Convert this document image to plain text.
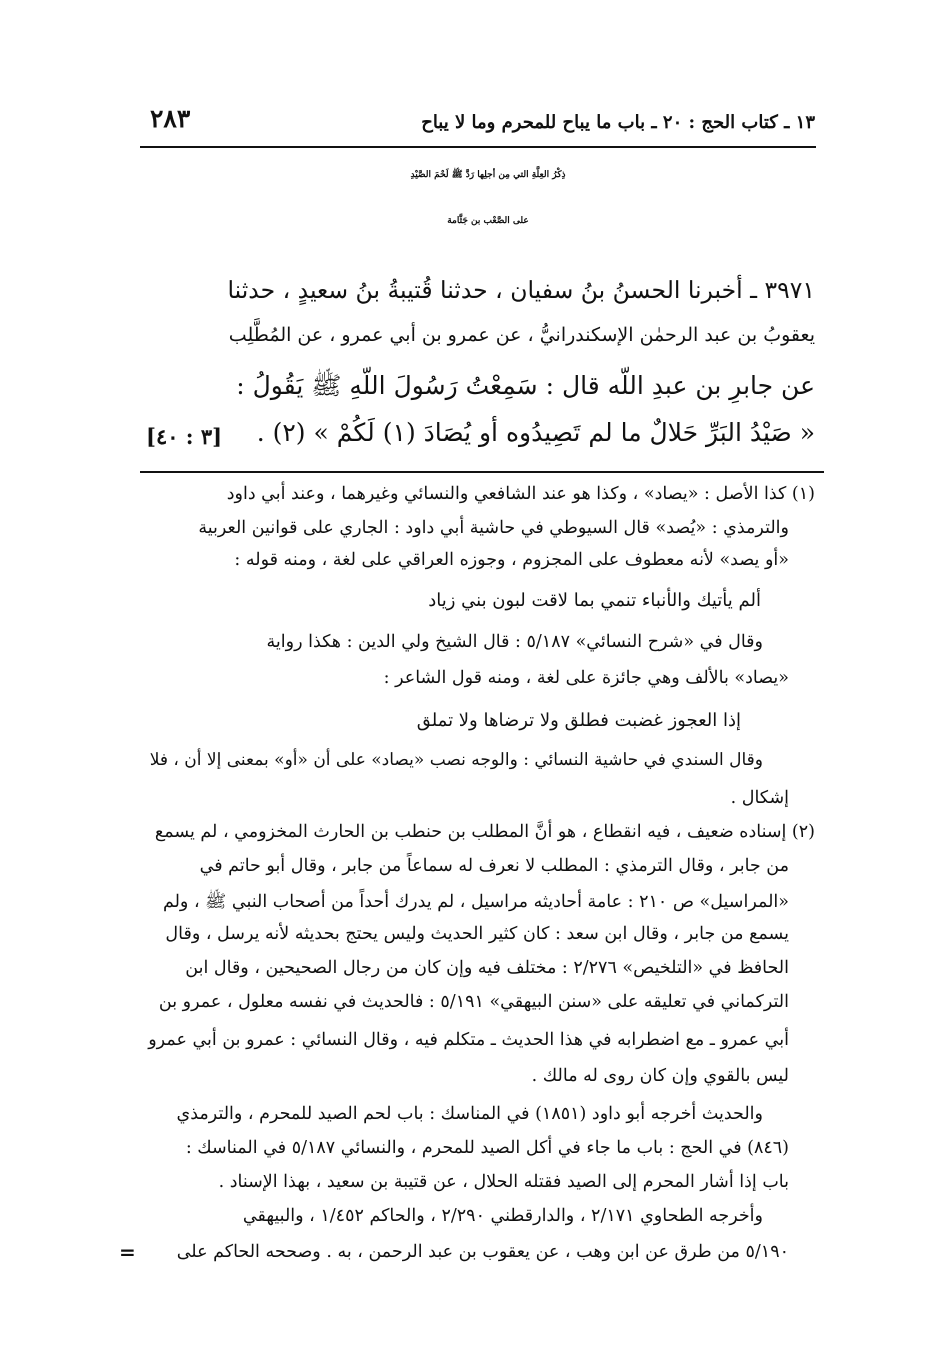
١٣ ـ كتاب الحج : ٢٠ ـ باب ما يباح للمحرم وما لا يباح
٢٨٣
ذِكْرُ العِلَّةِ التي مِن أجلِها رَدَّ ﷺ لَحْمَ الصَّيْدِ
على الصَّعْب بن جَثَّامة
٣٩٧١ ـ أخبرنا الحسنُ بنُ سفيان ، حدثنا قُتيبةُ بنُ سعيدٍ ، حدثنا
يعقوبُ بن عبد الرحمٰن الإسكندرانيُّ ، عن عمرو بن أبي عمرو ، عن المُطَّلِب
عن جابرِ بن عبدِ اللّه قال : سَمِعْتُ رَسُولَ اللّهِ ﷺ يَقُولُ :
« صَيْدُ البَرِّ حَلالٌ ما لم تَصِيدُوه أو يُصَادَ (١) لَكُمْ » (٢) .
[٣ : ٤٠]
(١) كذا الأصل : «يصاد» ، وكذا هو عند الشافعي والنسائي وغيرهما ، وعند أبي داود
والترمذي : «يُصد» قال السيوطي في حاشية أبي داود : الجاري على قوانين العربية
«أو يصد» لأنه معطوف على المجزوم ، وجوزه العراقي على لغة ، ومنه قوله :
ألم يأتيك والأنباء تنمي بما لاقت لبون بني زياد
وقال في «شرح النسائي» ٥/١٨٧ : قال الشيخ ولي الدين : هكذا رواية
«يصاد» بالألف وهي جائزة على لغة ، ومنه قول الشاعر :
إذا العجوز غضبت فطلق ولا ترضاها ولا تملق
وقال السندي في حاشية النسائي : والوجه نصب «يصاد» على أن «أو» بمعنى إلا أن ، فلا
إشكال .
(٢) إسناده ضعيف ، فيه انقطاع ، هو أنَّ المطلب بن حنطب بن الحارث المخزومي ، لم يسمع
من جابر ، وقال الترمذي : المطلب لا نعرف له سماعاً من جابر ، وقال أبو حاتم في
«المراسيل» ص ٢١٠ : عامة أحاديثه مراسيل ، لم يدرك أحداً من أصحاب النبي ﷺ ، ولم
يسمع من جابر ، وقال ابن سعد : كان كثير الحديث وليس يحتج بحديثه لأنه يرسل ، وقال
الحافظ في «التلخيص» ٢/٢٧٦ : مختلف فيه وإن كان من رجال الصحيحين ، وقال ابن
التركماني في تعليقه على «سنن البيهقي» ٥/١٩١ : فالحديث في نفسه معلول ، عمرو بن
أبي عمرو ـ مع اضطرابه في هذا الحديث ـ متكلم فيه ، وقال النسائي : عمرو بن أبي عمرو
ليس بالقوي وإن كان روى له مالك .
والحديث أخرجه أبو داود (١٨٥١) في المناسك : باب لحم الصيد للمحرم ، والترمذي
(٨٤٦) في الحج : باب ما جاء في أكل الصيد للمحرم ، والنسائي ٥/١٨٧ في المناسك :
باب إذا أشار المحرم إلى الصيد فقتله الحلال ، عن قتيبة بن سعيد ، بهذا الإسناد .
وأخرجه الطحاوي ٢/١٧١ ، والدارقطني ٢/٢٩٠ ، والحاكم ١/٤٥٢ ، والبيهقي
٥/١٩٠ من طرق عن ابن وهب ، عن يعقوب بن عبد الرحمن ، به . وصححه الحاكم على
=
